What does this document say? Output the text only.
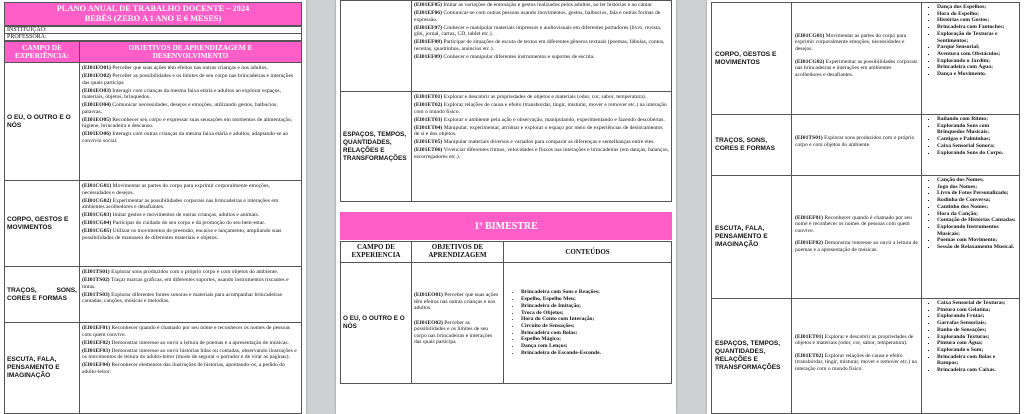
PLANO ANUAL DE TRABALHO DOCENTE – 2024
BEBÊS (ZERO A 1 ANO E 6 MESES)
INSTITUIÇÃO:
PROFESSORA:
CAMPO DE EXPERIÊNCIA:
OBJETIVOS DE APRENDIZAGEM E DESENVOLVIMENTO
O EU, O OUTRO E O NÓS

(EI01EO01) Perceber que suas ações têm efeitos nas outras crianças e nos adultos.

(EI01EO02) Perceber as possibilidades e os limites de seu corpo nas brincadeiras e interações das quais participa

(EI01EO03) Interagir com crianças da mesma faixa etária e adultos ao explorar espaços, materiais, objetos, brinquedos.

(EI01EO04) Comunicar necessidades, desejos e emoções, utilizando gestos, balbucios, palavras.

(EI01EO05) Reconhecer seu corpo e expressar suas sensações em momentos de alimentação, higiene, brincadeira e descanso.

(EI01EO06) Interagir com outras crianças da mesma faixa etária e adultos, adaptando-se ao convívio social.

CORPO, GESTOS E MOVIMENTOS

(EI01CG01) Movimentar as partes do corpo para exprimir corporalmente emoções, necessidades e desejos.

(EI01CG02) Experimentar as possibilidades corporais nas brincadeiras e interações em ambientes acolhedores e desafiantes.

(EI01CG03) Imitar gestos e movimentos de outras crianças, adultos e animais.

(EI01CG04) Participar do cuidado do seu corpo e da promoção do seu bem-estar.

(EI01CG05) Utilizar os movimentos de preensão, encaixe e lançamento, ampliando suas possibilidades de manuseio de diferentes materiais e objetos.

TRAÇOS, SONS, CORES E FORMAS

(EI01TS01) Explorar sons produzidos com o próprio corpo e com objetos do ambiente.

(EI01TS02) Traçar marcas gráficas, em diferentes suportes, usando instrumentos riscantes e tintas.

(EI01TS03) Explorar diferentes fontes sonoras e materiais para acompanhar brincadeiras cantadas, canções, músicas e melodias.

ESCUTA, FALA, PENSAMENTO E IMAGINAÇÃO

(EI01EF01) Reconhecer quando é chamado por seu nome e reconhecer os nomes de pessoas com quem convive.

(EI01EF02) Demonstrar interesse ao ouvir a leitura de poemas e a apresentação de músicas.

(EI01EF03) Demonstrar interesse ao ouvir histórias lidas ou contadas, observando ilustrações e os movimentos de leitura do adulto-leitor (modo de segurar o portador e de virar as páginas).

(EI01EF04) Reconhecer elementos das ilustrações de histórias, apontando-os, a pedido do adulto-leitor.

(EI01EF05) Imitar as variações de entonação e gestos realizados pelos adultos, ao ler histórias e ao cantar.

(EI01EF06) Comunicar-se com outras pessoas usando movimentos, gestos, balbucios, fala e outras formas de expressão.

(EI01EF07) Conhecer e manipular materiais impressos e audiovisuais em diferentes portadores (livro, revista, gibi, jornal, cartaz, CD, tablet etc.).

(EI01EF08) Participar de situações de escuta de textos em diferentes gêneros textuais (poemas, fábulas, contos, receitas, quadrinhos, anúncios etc.).

(EI01EF09) Conhecer e manipular diferentes instrumentos e suportes de escrita.

ESPAÇOS, TEMPOS, QUANTIDADES, RELAÇÕES E TRANSFORMAÇÕES

(EI01ET01) Explorar e descobrir as propriedades de objetos e materiais (odor, cor, sabor, temperatura).

(EI01ET02) Explorar relações de causa e efeito (transbordar, tingir, misturar, mover e remover etc.) na interação com o mundo físico.

(EI01ET03) Explorar o ambiente pela ação e observação, manipulando, experimentando e fazendo descobertas.

(EI01ET04) Manipular, experimentar, arrumar e explorar o espaço por meio de experiências de deslocamentos de si e dos objetos.

(EI01ET05) Manipular materiais diversos e variados para comparar as diferenças e semelhanças entre eles.

(EI01ET06) Vivenciar diferentes ritmos, velocidades e fluxos nas interações e brincadeiras (em danças, balanços, escorregadores etc.).

1º BIMESTRE
CAMPO DE EXPERIENCIA
OBJETIVOS DE APRENDIZAGEM	CONTEÚDOS
O EU, O OUTRO E O NÓS

(EI01EO01) Perceber que suas ações têm efeitos nas outras crianças e nos adultos.

(EI01EO02) Perceber as possibilidades e os limites de seu corpo nas brincadeiras e interações das quais participa

• Brincadeira com Sons e Reações;
• Espelho, Espelho Meu;
• Brincadeira de Imitação;
• Troca de Objetos;
• Hora do Conto com Interação;
• Circuito de Sensações;
• Brincadeira com Bolas;
• Espelho Mágico;
• Dança com Lenços;
• Brincadeira de Esconde-Esconde.
CORPO, GESTOS E MOVIMENTOS

(EI01CG01) Movimentar as partes do corpo para exprimir corporalmente emoções, necessidades e desejos.

(EI01CG02) Experimentar as possibilidades corporais nas brincadeiras e interações em ambientes acolhedores e desafiantes.

▪ Dança dos Espelhos;
▪ Hora do Espelho;
▪ Histórias com Gestos;
▪ Brincadeira com Fantoches;
▪ Exploração de Texturas e Sentimentos;
▪ Parque Sensorial;
▪ Aventura com Obstáculos;
▪ Explorando o Jardim;
▪ Brincadeira com Água;
▪ Dança e Movimento.
TRAÇOS, SONS, CORES E FORMAS

(EI01TS01) Explorar sons produzidos com o próprio corpo e com objetos do ambiente.

▪ Bailando com Ritmo;
▪ Explorando Sons com Brinquedos Musicais;
▪ Cantigas e Palminhas;
▪ Caixa Sensorial Sonora;
▪ Explorando Sons do Corpo.
ESCUTA, FALA, PENSAMENTO E IMAGINAÇÃO

(EI01EF01) Reconhecer quando é chamado por seu nome e reconhecer os nomes de pessoas com quem convive.

(EI01EF02) Demonstrar interesse ao ouvir a leitura de poemas e a apresentação de músicas.

▪ Canção dos Nomes;
▪ Jogo dos Nomes;
▪ Livro de Fotos Personalizado;
▪ Rodinha de Conversa;
▪ Cantinho dos Nomes;
▪ Hora da Canção;
▪ Contação de Histórias Cantadas;
▪ Explorando Instrumentos Musicais;
▪ Poemas com Movimento;
▪ Sessão de Relaxamento Musical.
ESPAÇOS, TEMPOS, QUANTIDADES, RELAÇÕES E TRANSFORMAÇÕES

(EI01ET01) Explorar e descobrir as propriedades de objetos e materiais (odor, cor, sabor, temperatura).

(EI01ET02) Explorar relações de causa e efeito (transbordar, tingir, misturar, mover e remover etc.) na interação com o mundo físico.

▪ Caixa Sensorial de Texturas;
▪ Pintura com Gelatina;
▪ Explorando Frutas;
▪ Garrafas Sensoriais;
▪ Banho de Sensações;
▪ Explorando Texturas;
▪ Pintura com Água;
▪ Explorando o Som;
▪ Brincadeira com Bolas e Rampas;
▪ Brincadeira com Caixas.
